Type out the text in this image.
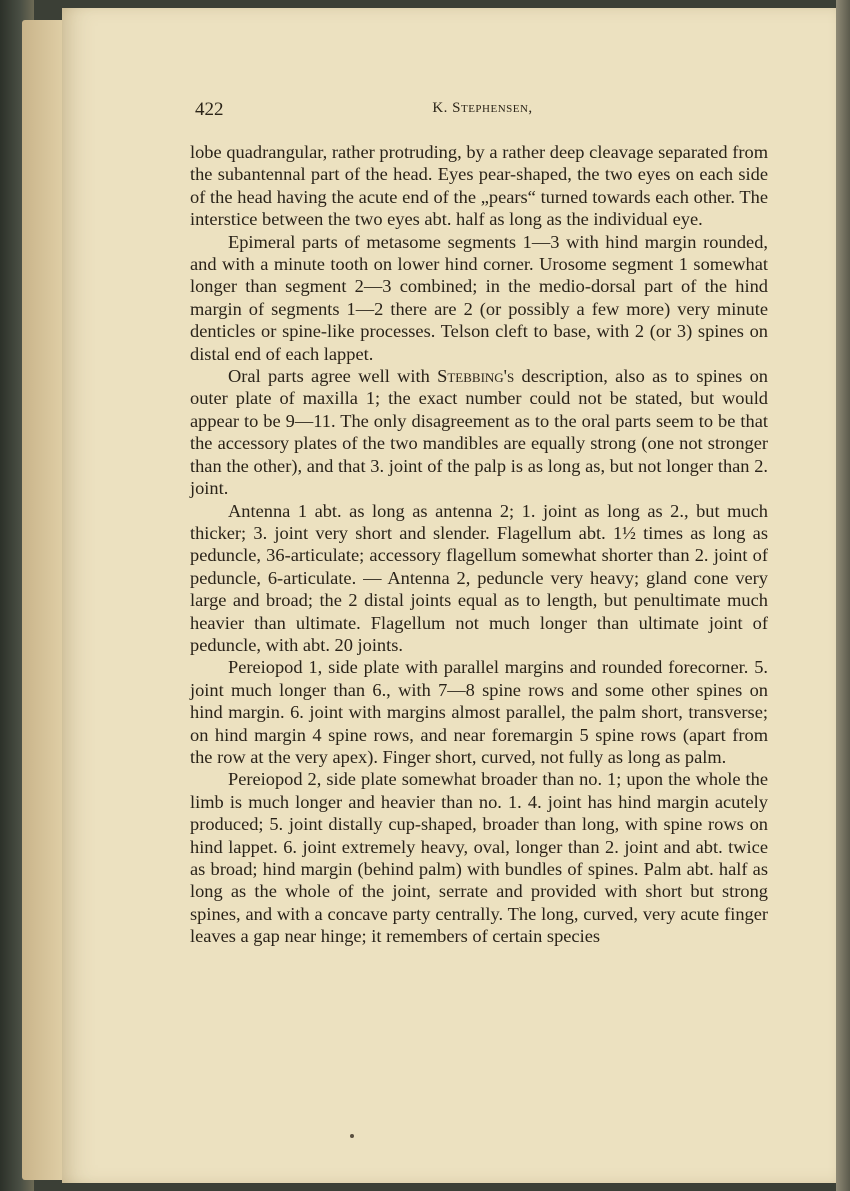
422	K. Stephensen,

lobe quadrangular, rather protruding, by a rather deep cleavage separated from the subantennal part of the head. Eyes pear-shaped, the two eyes on each side of the head having the acute end of the „pears“ turned towards each other. The interstice between the two eyes abt. half as long as the individual eye.

Epimeral parts of metasome segments 1—3 with hind margin rounded, and with a minute tooth on lower hind corner. Urosome segment 1 somewhat longer than segment 2—3 combined; in the medio-dorsal part of the hind margin of segments 1—2 there are 2 (or possibly a few more) very minute denticles or spine-like processes. Telson cleft to base, with 2 (or 3) spines on distal end of each lappet.

Oral parts agree well with Stebbing's description, also as to spines on outer plate of maxilla 1; the exact number could not be stated, but would appear to be 9—11. The only disagreement as to the oral parts seem to be that the accessory plates of the two mandibles are equally strong (one not stronger than the other), and that 3. joint of the palp is as long as, but not longer than 2. joint.

Antenna 1 abt. as long as antenna 2; 1. joint as long as 2., but much thicker; 3. joint very short and slender. Flagellum abt. 1½ times as long as peduncle, 36-articulate; accessory flagellum somewhat shorter than 2. joint of peduncle, 6-articulate. — Antenna 2, peduncle very heavy; gland cone very large and broad; the 2 distal joints equal as to length, but penultimate much heavier than ultimate. Flagellum not much longer than ultimate joint of peduncle, with abt. 20 joints.

Pereiopod 1, side plate with parallel margins and rounded forecorner. 5. joint much longer than 6., with 7—8 spine rows and some other spines on hind margin. 6. joint with margins almost parallel, the palm short, transverse; on hind margin 4 spine rows, and near foremargin 5 spine rows (apart from the row at the very apex). Finger short, curved, not fully as long as palm.

Pereiopod 2, side plate somewhat broader than no. 1; upon the whole the limb is much longer and heavier than no. 1. 4. joint has hind margin acutely produced; 5. joint distally cup-shaped, broader than long, with spine rows on hind lappet. 6. joint extremely heavy, oval, longer than 2. joint and abt. twice as broad; hind margin (behind palm) with bundles of spines. Palm abt. half as long as the whole of the joint, serrate and provided with short but strong spines, and with a concave party centrally. The long, curved, very acute finger leaves a gap near hinge; it remembers of certain species
